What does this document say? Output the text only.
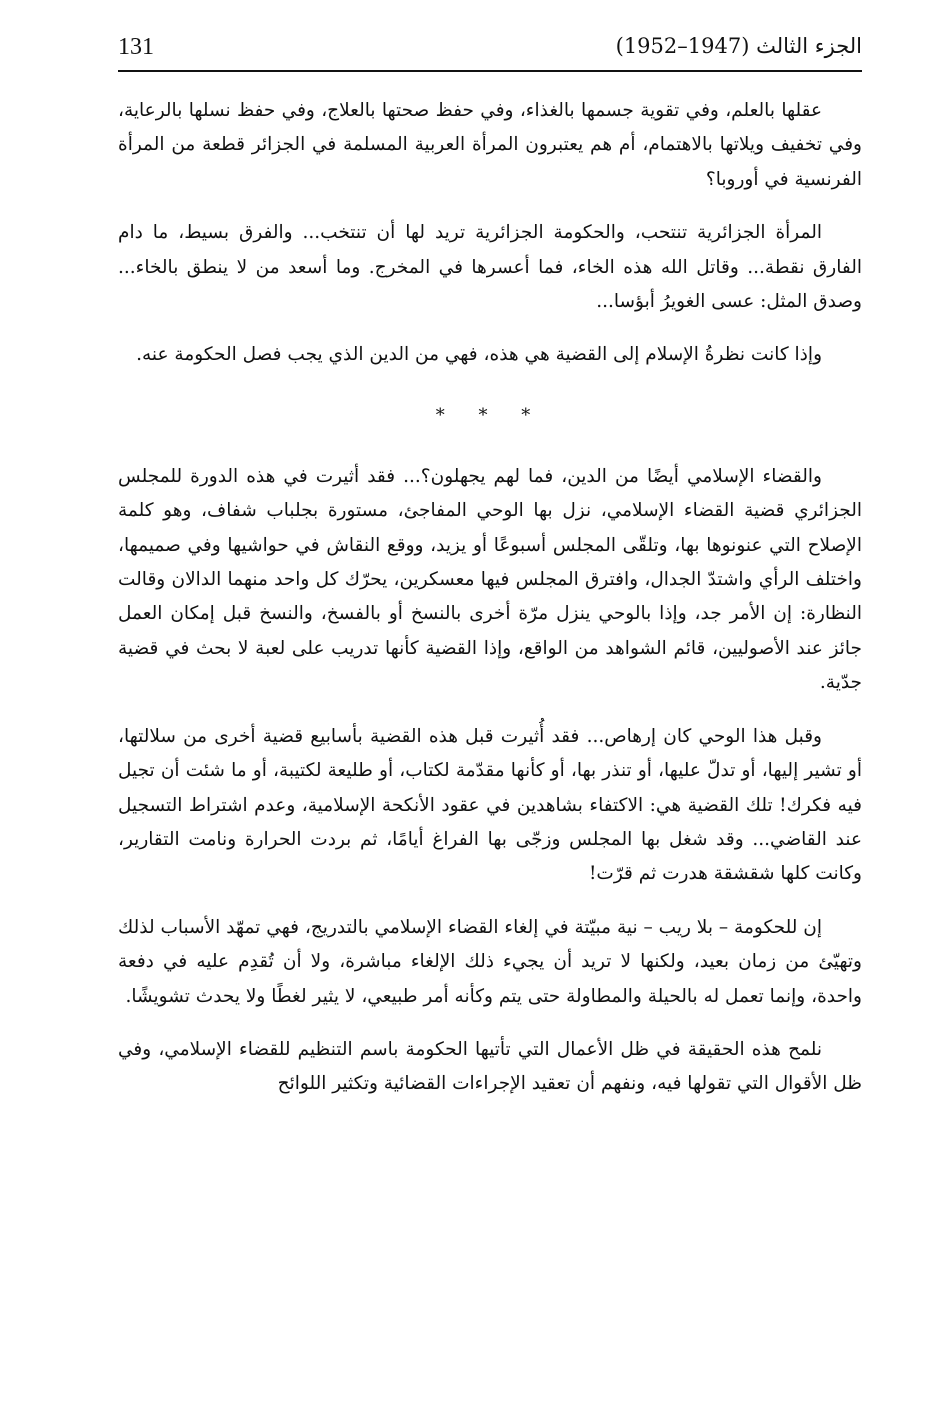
131	الجزء الثالث (1947–1952)

عقلها بالعلم، وفي تقوية جسمها بالغذاء، وفي حفظ صحتها بالعلاج، وفي حفظ نسلها بالرعاية، وفي تخفيف ويلاتها بالاهتمام، أم هم يعتبرون المرأة العربية المسلمة في الجزائر قطعة من المرأة الفرنسية في أوروبا؟

المرأة الجزائرية تنتحب، والحكومة الجزائرية تريد لها أن تنتخب... والفرق بسيط، ما دام الفارق نقطة... وقاتل الله هذه الخاء، فما أعسرها في المخرج. وما أسعد من لا ينطق بالخاء... وصدق المثل: عسى الغويرُ أبؤسا...

وإذا كانت نظرةُ الإسلام إلى القضية هي هذه، فهي من الدين الذي يجب فصل الحكومة عنه.

* * *

والقضاء الإسلامي أيضًا من الدين، فما لهم يجهلون؟... فقد أثيرت في هذه الدورة للمجلس الجزائري قضية القضاء الإسلامي، نزل بها الوحي المفاجئ، مستورة بجلباب شفاف، وهو كلمة الإصلاح التي عنونوها بها، وتلقّى المجلس أسبوعًا أو يزيد، ووقع النقاش في حواشيها وفي صميمها، واختلف الرأي واشتدّ الجدال، وافترق المجلس فيها معسكرين، يحرّك كل واحد منهما الدالان وقالت النظارة: إن الأمر جد، وإذا بالوحي ينزل مرّة أخرى بالنسخ أو بالفسخ، والنسخ قبل إمكان العمل جائز عند الأصوليين، قائم الشواهد من الواقع، وإذا القضية كأنها تدريب على لعبة لا بحث في قضية جدّية.

وقبل هذا الوحي كان إرهاص... فقد أُثيرت قبل هذه القضية بأسابيع قضية أخرى من سلالتها، أو تشير إليها، أو تدلّ عليها، أو تنذر بها، أو كأنها مقدّمة لكتاب، أو طليعة لكتيبة، أو ما شئت أن تجيل فيه فكرك! تلك القضية هي: الاكتفاء بشاهدين في عقود الأنكحة الإسلامية، وعدم اشتراط التسجيل عند القاضي... وقد شغل بها المجلس وزجّى بها الفراغ أيامًا، ثم بردت الحرارة ونامت التقارير، وكانت كلها شقشقة هدرت ثم قرّت!

إن للحكومة – بلا ريب – نية مبيّتة في إلغاء القضاء الإسلامي بالتدريج، فهي تمهّد الأسباب لذلك وتهيّئ من زمان بعيد، ولكنها لا تريد أن يجيء ذلك الإلغاء مباشرة، ولا أن تُقدِم عليه في دفعة واحدة، وإنما تعمل له بالحيلة والمطاولة حتى يتم وكأنه أمر طبيعي، لا يثير لغطًا ولا يحدث تشويشًا.

نلمح هذه الحقيقة في ظل الأعمال التي تأتيها الحكومة باسم التنظيم للقضاء الإسلامي، وفي ظل الأقوال التي تقولها فيه، ونفهم أن تعقيد الإجراءات القضائية وتكثير اللوائح
